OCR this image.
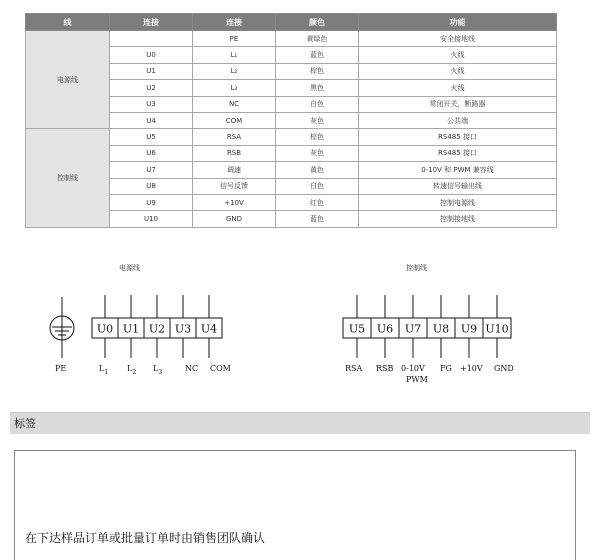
线	连接	连接	颜色	功能
电源线		PE	黄绿色	安全接地线
	U0	L₁	蓝色	火线
	U1	L₂	棕色	火线
	U2	L₃	黑色	火线
	U3	NC	白色	常闭开关，断路器
	U4	COM	灰色	公共端
控制线	U5	RSA	棕色	RS485 接口
	U6	RSB	灰色	RS485 接口
	U7	调速	黄色	0-10V 和 PWM 兼容线
	U8	信号反馈	白色	转速信号输出线
	U9	+10V	红色	控制电源线
	U10	GND	蓝色	控制接地线
电源线	控制线
PE
U0 U1 U2 U3 U4
$L_1$ $L_2$ $L_3$	NC COM
U5 U6 U7 U8 U9 U10
RSA RSB 0-10V
PWM
FG +10V GND
标签
在下达样品订单或批量订单时由销售团队确认
